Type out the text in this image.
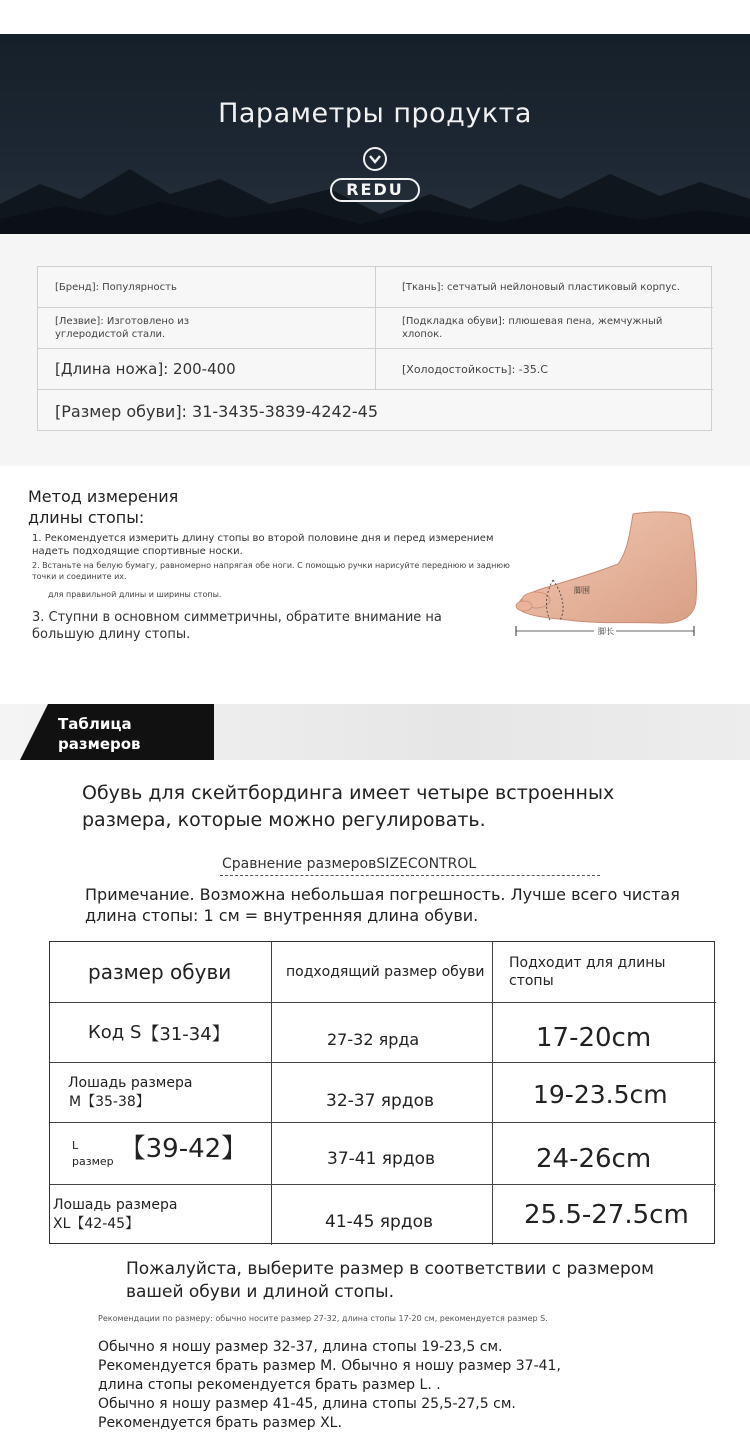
Параметры продукта
REDU
[Бренд]: Популярность	[Ткань]: сетчатый нейлоновый пластиковый корпус.
[Лезвие]: Изготовлено из углеродистой стали.
[Подкладка обуви]: плюшевая пена, жемчужный хлопок.
[Длина ножа]: 200-400	[Холодостойкость]: -35.C
[Размер обуви]: 31-3435-3839-4242-45
Метод измерения
длины стопы:
1. Рекомендуется измерить длину стопы во второй половине дня и перед измерением надеть подходящие спортивные носки.
2. Встаньте на белую бумагу, равномерно напрягая обе ноги. С помощью ручки нарисуйте переднюю и заднюю точки и соедините их.
для правильной длины и ширины стопы.
3. Ступни в основном симметричны, обратите внимание на большую длину стопы.
脚围
脚长
Таблица
размеров
Обувь для скейтбординга имеет четыре встроенных размера, которые можно регулировать.
Сравнение размеровSIZECONTROL
Примечание. Возможна небольшая погрешность. Лучше всего чистая длина стопы: 1 см = внутренняя длина обуви.
размер обуви	подходящий размер обуви
Подходит для длины стопы
Код S 【31-34】	27-32 ярда	17-20cm
Лошадь размера
M【35-38】	32-37 ярдов	19-23.5cm
L
размер 【39-42】	37-41 ярдов	24-26cm
Лошадь размера
XL【42-45】	41-45 ярдов	25.5-27.5cm
Пожалуйста, выберите размер в соответствии с размером вашей обуви и длиной стопы.
Рекомендации по размеру: обычно носите размер 27-32, длина стопы 17-20 см, рекомендуется размер S.
Обычно я ношу размер 32-37, длина стопы 19-23,5 см.
Рекомендуется брать размер M. Обычно я ношу размер 37-41,
длина стопы рекомендуется брать размер L. .
Обычно я ношу размер 41-45, длина стопы 25,5-27,5 см.
Рекомендуется брать размер XL.
